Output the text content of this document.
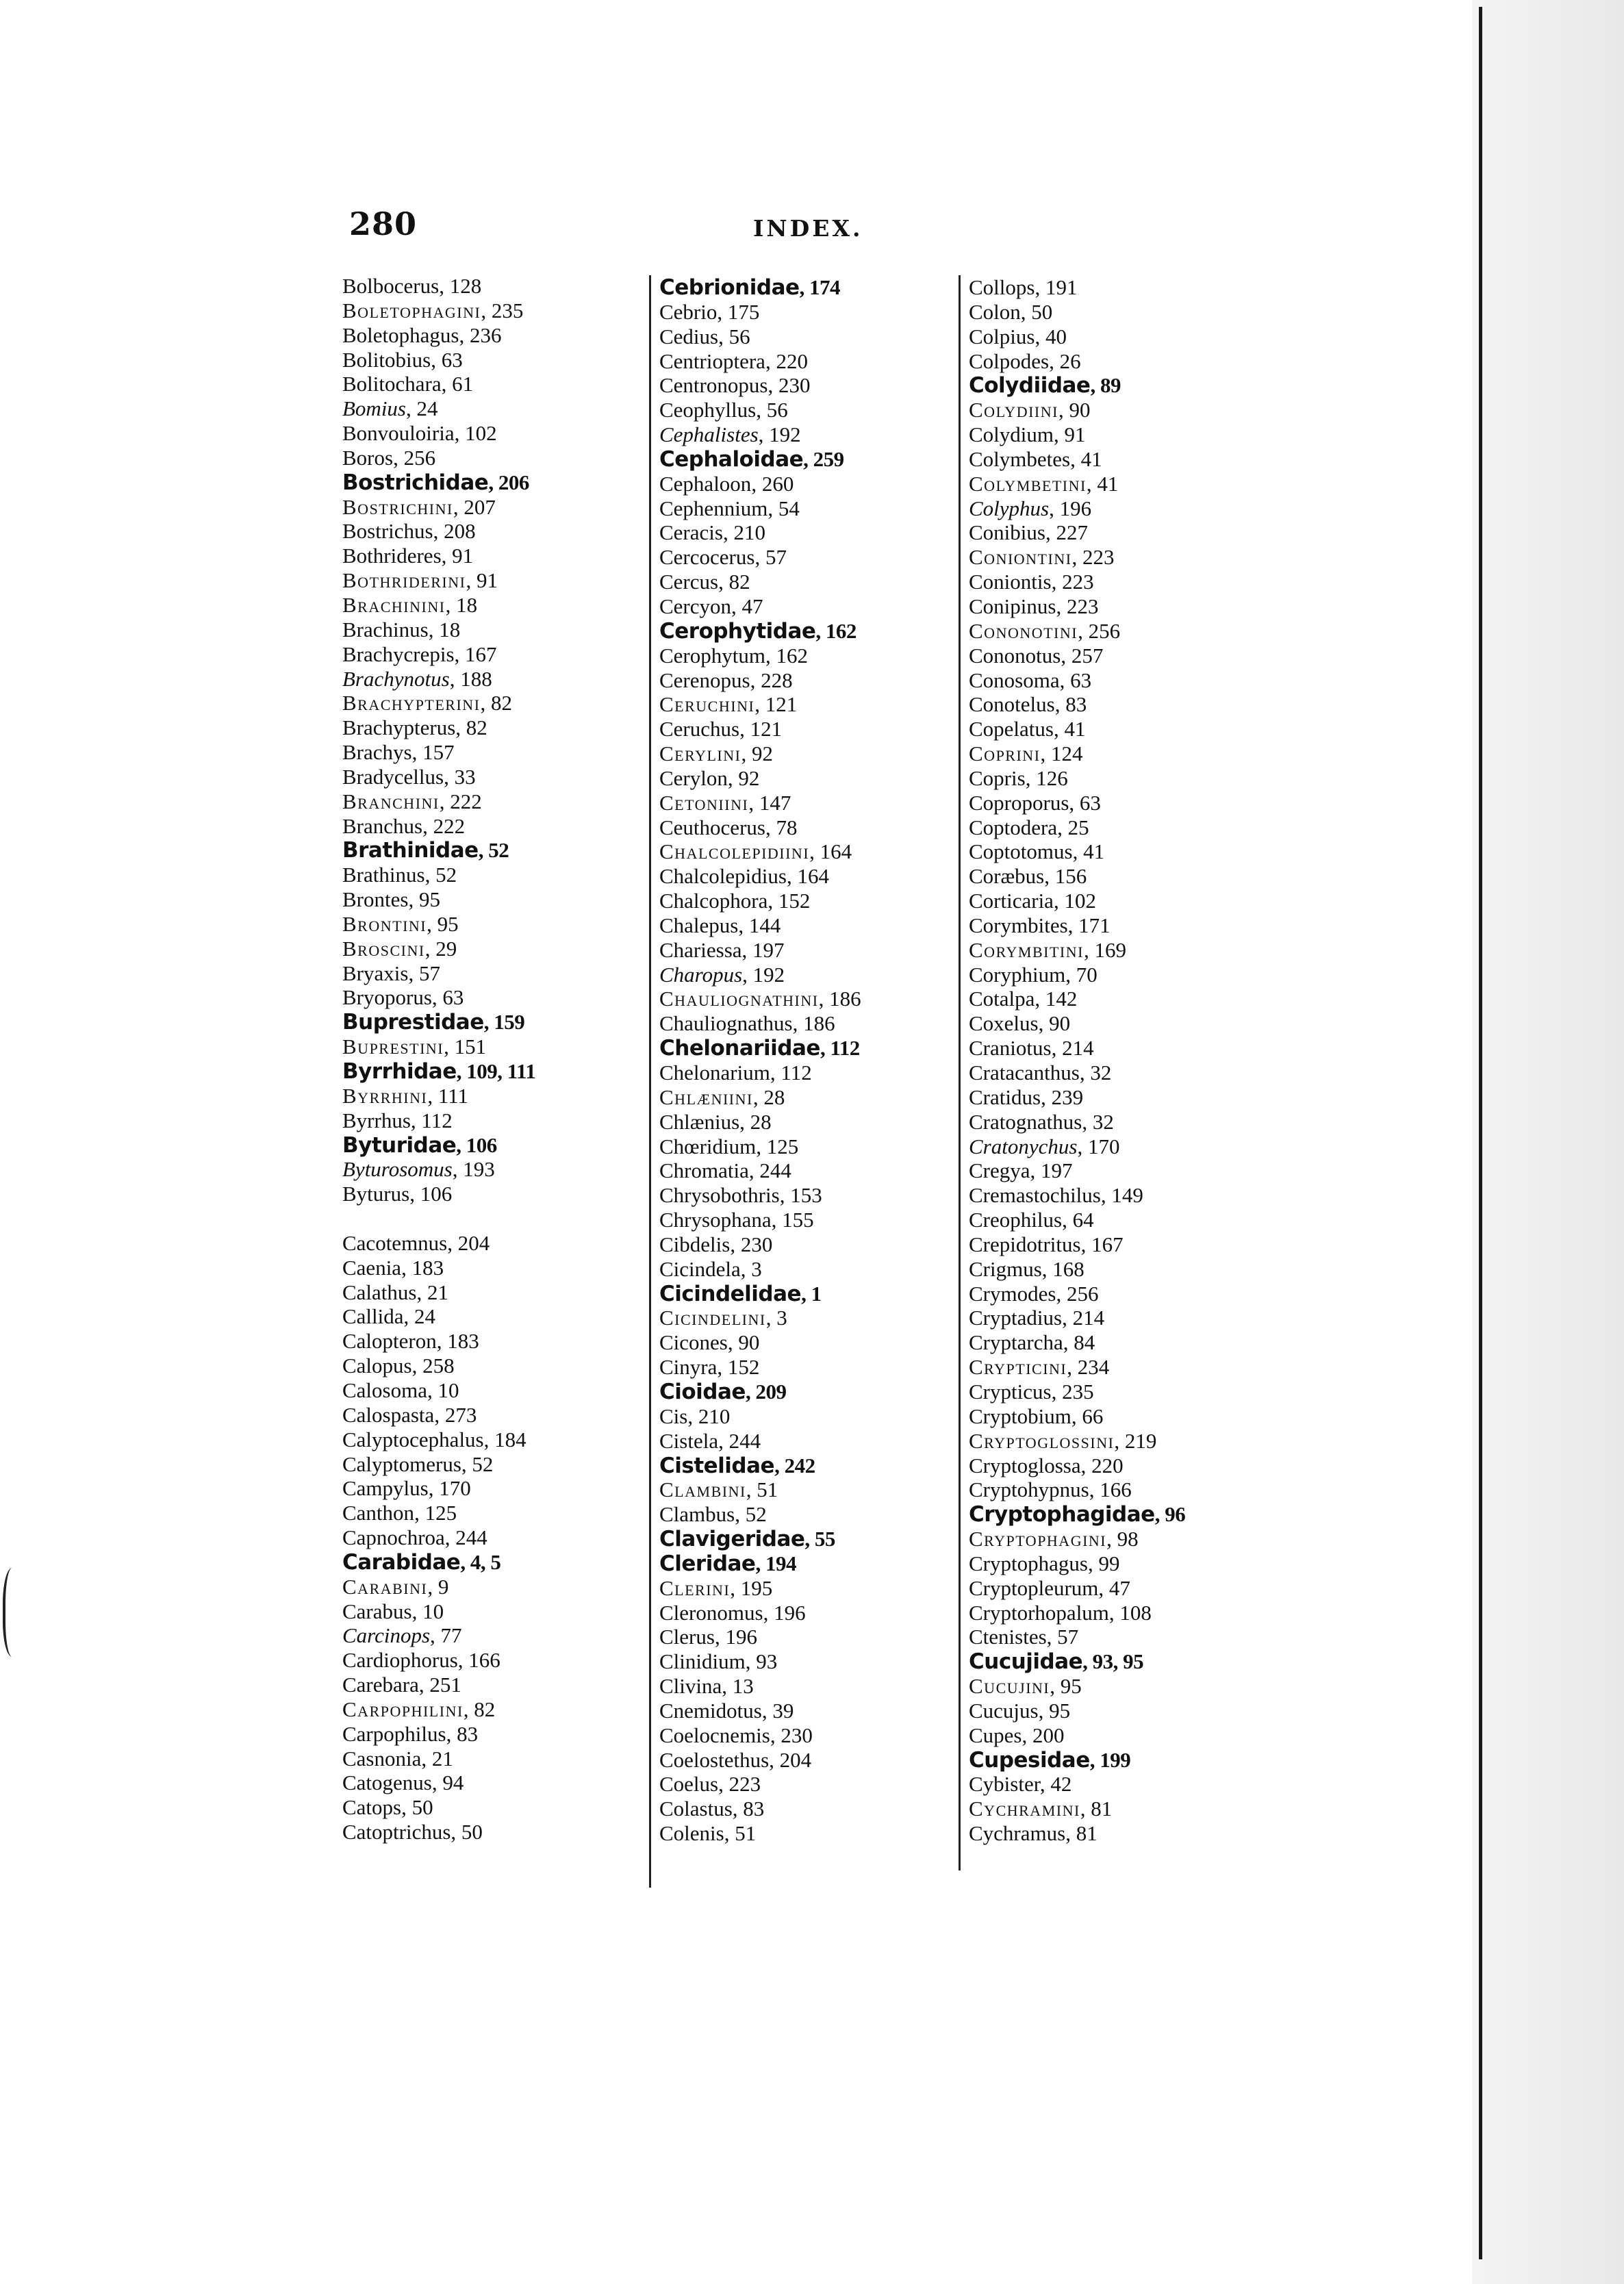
280	INDEX.
Bolbocerus, 128
Boletophagini, 235
Boletophagus, 236
Bolitobius, 63
Bolitochara, 61
Bomius, 24
Bonvouloiria, 102
Boros, 256
Bostrichidae, 206
Bostrichini, 207
Bostrichus, 208
Bothrideres, 91
Bothriderini, 91
Brachinini, 18
Brachinus, 18
Brachycrepis, 167
Brachynotus, 188
Brachypterini, 82
Brachypterus, 82
Brachys, 157
Bradycellus, 33
Branchini, 222
Branchus, 222
Brathinidae, 52
Brathinus, 52
Brontes, 95
Brontini, 95
Broscini, 29
Bryaxis, 57
Bryoporus, 63
Buprestidae, 159
Buprestini, 151
Byrrhidae, 109, 111
Byrrhini, 111
Byrrhus, 112
Byturidae, 106
Byturosomus, 193
Byturus, 106
Cacotemnus, 204
Caenia, 183
Calathus, 21
Callida, 24
Calopteron, 183
Calopus, 258
Calosoma, 10
Calospasta, 273
Calyptocephalus, 184
Calyptomerus, 52
Campylus, 170
Canthon, 125
Capnochroa, 244
Carabidae, 4, 5
Carabini, 9
Carabus, 10
Carcinops, 77
Cardiophorus, 166
Carebara, 251
Carpophilini, 82
Carpophilus, 83
Casnonia, 21
Catogenus, 94
Catops, 50
Catoptrichus, 50
Cebrionidae, 174
Cebrio, 175
Cedius, 56
Centrioptera, 220
Centronopus, 230
Ceophyllus, 56
Cephalistes, 192
Cephaloidae, 259
Cephaloon, 260
Cephennium, 54
Ceracis, 210
Cercocerus, 57
Cercus, 82
Cercyon, 47
Cerophytidae, 162
Cerophytum, 162
Cerenopus, 228
Ceruchini, 121
Ceruchus, 121
Cerylini, 92
Cerylon, 92
Cetoniini, 147
Ceuthocerus, 78
Chalcolepidiini, 164
Chalcolepidius, 164
Chalcophora, 152
Chalepus, 144
Chariessa, 197
Charopus, 192
Chauliognathini, 186
Chauliognathus, 186
Chelonariidae, 112
Chelonarium, 112
Chlæniini, 28
Chlænius, 28
Chœridium, 125
Chromatia, 244
Chrysobothris, 153
Chrysophana, 155
Cibdelis, 230
Cicindela, 3
Cicindelidae, 1
Cicindelini, 3
Cicones, 90
Cinyra, 152
Cioidae, 209
Cis, 210
Cistela, 244
Cistelidae, 242
Clambini, 51
Clambus, 52
Clavigeridae, 55
Cleridae, 194
Clerini, 195
Cleronomus, 196
Clerus, 196
Clinidium, 93
Clivina, 13
Cnemidotus, 39
Coelocnemis, 230
Coelostethus, 204
Coelus, 223
Colastus, 83
Colenis, 51
Collops, 191
Colon, 50
Colpius, 40
Colpodes, 26
Colydiidae, 89
Colydiini, 90
Colydium, 91
Colymbetes, 41
Colymbetini, 41
Colyphus, 196
Conibius, 227
Coniontini, 223
Coniontis, 223
Conipinus, 223
Cononotini, 256
Cononotus, 257
Conosoma, 63
Conotelus, 83
Copelatus, 41
Coprini, 124
Copris, 126
Coproporus, 63
Coptodera, 25
Coptotomus, 41
Coræbus, 156
Corticaria, 102
Corymbites, 171
Corymbitini, 169
Coryphium, 70
Cotalpa, 142
Coxelus, 90
Craniotus, 214
Cratacanthus, 32
Cratidus, 239
Cratognathus, 32
Cratonychus, 170
Cregya, 197
Cremastochilus, 149
Creophilus, 64
Crepidotritus, 167
Crigmus, 168
Crymodes, 256
Cryptadius, 214
Cryptarcha, 84
Crypticini, 234
Crypticus, 235
Cryptobium, 66
Cryptoglossini, 219
Cryptoglossa, 220
Cryptohypnus, 166
Cryptophagidae, 96
Cryptophagini, 98
Cryptophagus, 99
Cryptopleurum, 47
Cryptorhopalum, 108
Ctenistes, 57
Cucujidae, 93, 95
Cucujini, 95
Cucujus, 95
Cupes, 200
Cupesidae, 199
Cybister, 42
Cychramini, 81
Cychramus, 81
